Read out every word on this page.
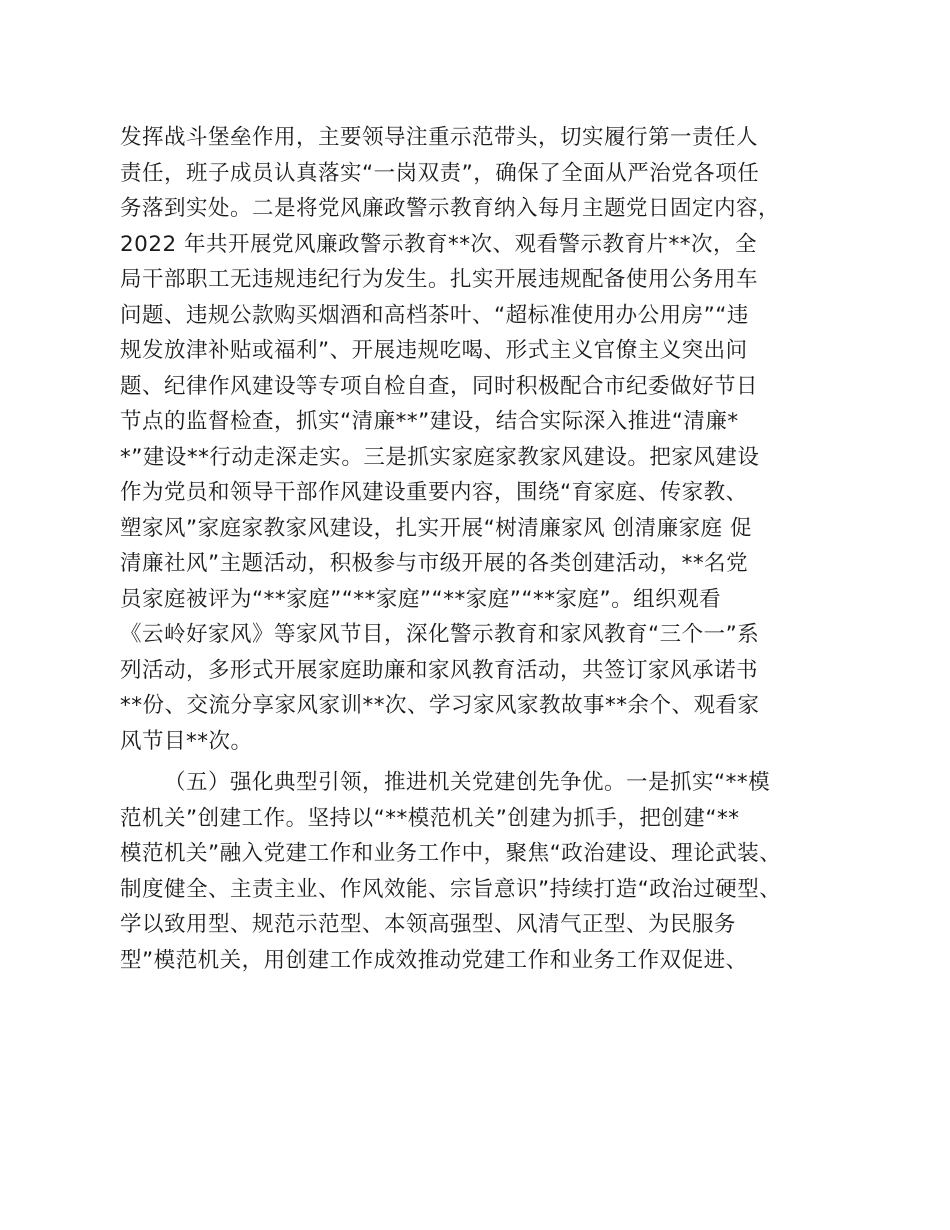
发挥战斗堡垒作用，主要领导注重示范带头，切实履行第一责任人
责任，班子成员认真落实“一岗双责”，确保了全面从严治党各项任
务落到实处。二是将党风廉政警示教育纳入每月主题党日固定内容，
2022 年共开展党风廉政警示教育**次、观看警示教育片**次，全
局干部职工无违规违纪行为发生。扎实开展违规配备使用公务用车
问题、违规公款购买烟酒和高档茶叶、“超标准使用办公用房”“违
规发放津补贴或福利”、开展违规吃喝、形式主义官僚主义突出问
题、纪律作风建设等专项自检自查，同时积极配合市纪委做好节日
节点的监督检查，抓实“清廉**”建设，结合实际深入推进“清廉*
*”建设**行动走深走实。三是抓实家庭家教家风建设。把家风建设
作为党员和领导干部作风建设重要内容，围绕“育家庭、传家教、
塑家风”家庭家教家风建设，扎实开展“树清廉家风 创清廉家庭 促
清廉社风”主题活动，积极参与市级开展的各类创建活动，**名党
员家庭被评为“**家庭”“**家庭”“**家庭”“**家庭”。组织观看
《云岭好家风》等家风节目，深化警示教育和家风教育“三个一”系
列活动，多形式开展家庭助廉和家风教育活动，共签订家风承诺书
**份、交流分享家风家训**次、学习家风家教故事**余个、观看家
风节目**次。
（五）强化典型引领，推进机关党建创先争优。一是抓实“**模
范机关”创建工作。坚持以“**模范机关”创建为抓手，把创建“**
模范机关”融入党建工作和业务工作中，聚焦“政治建设、理论武装、
制度健全、主责主业、作风效能、宗旨意识”持续打造“政治过硬型、
学以致用型、规范示范型、本领高强型、风清气正型、为民服务
型”模范机关，用创建工作成效推动党建工作和业务工作双促进、
